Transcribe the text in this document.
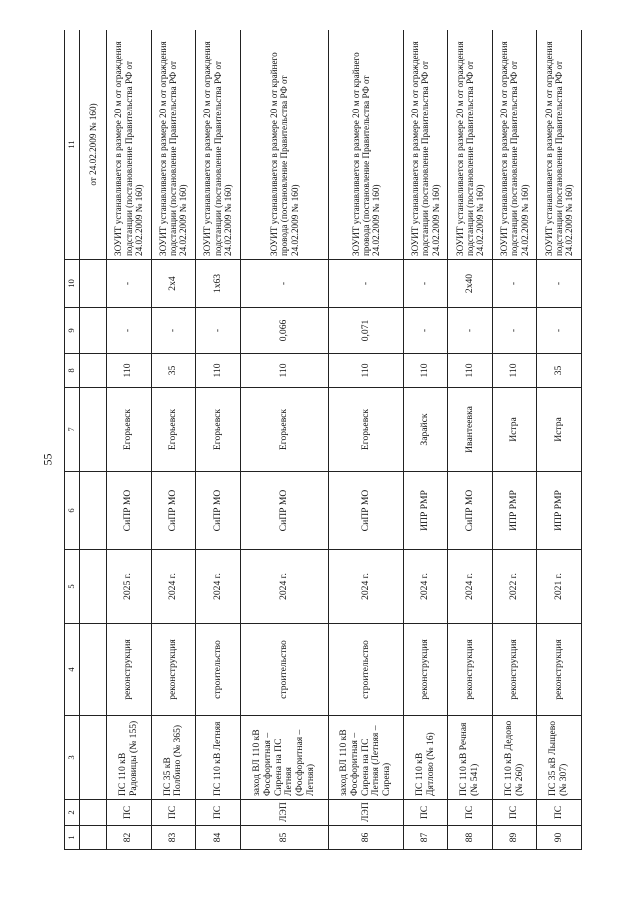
55
1	2	3	4	5	6	7	8	9	10	11
										от 24.02.2009 № 160)
82	ПС	ПС 110 кВ Радовицы (№ 155)	реконструкция	2025 г.	СиПР МО	Егорьевск	110	-	-	ЗОУИТ устанавливается в размере 20 м от ограждения подстанции (постановление Правительства РФ от 24.02.2009 № 160)
83	ПС	ПС 35 кВ Полбино (№ 365)	реконструкция	2024 г.	СиПР МО	Егорьевск	35	-	2х4	ЗОУИТ устанавливается в размере 20 м от ограждения подстанции (постановление Правительства РФ от 24.02.2009 № 160)
84	ПС	ПС 110 кВ Летняя	строительство	2024 г.	СиПР МО	Егорьевск	110	-	1х63	ЗОУИТ устанавливается в размере 20 м от ограждения подстанции (постановление Правительства РФ от 24.02.2009 № 160)
85	ЛЭП	заход ВЛ 110 кВ Фосфоритная – Сирена на ПС Летняя (Фосфоритная – Летняя)	строительство	2024 г.	СиПР МО	Егорьевск	110	0,066	-	ЗОУИТ устанавливается в размере 20 м от крайнего провода (постановление Правительства РФ от 24.02.2009 № 160)
86	ЛЭП	заход ВЛ 110 кВ Фосфоритная – Сирена на ПС Летняя (Летняя – Сирена)	строительство	2024 г.	СиПР МО	Егорьевск	110	0,071	-	ЗОУИТ устанавливается в размере 20 м от крайнего провода (постановление Правительства РФ от 24.02.2009 № 160)
87	ПС	ПС 110 кВ Дятлово (№ 16)	реконструкция	2024 г.	ИПР РМР	Зарайск	110	-	-	ЗОУИТ устанавливается в размере 20 м от ограждения подстанции (постановление Правительства РФ от 24.02.2009 № 160)
88	ПС	ПС 110 кВ Речная (№ 541)	реконструкция	2024 г.	СиПР МО	Ивантеевка	110	-	2х40	ЗОУИТ устанавливается в размере 20 м от ограждения подстанции (постановление Правительства РФ от 24.02.2009 № 160)
89	ПС	ПС 110 кВ Дедово (№ 260)	реконструкция	2022 г.	ИПР РМР	Истра	110	-	-	ЗОУИТ устанавливается в размере 20 м от ограждения подстанции (постановление Правительства РФ от 24.02.2009 № 160)
90	ПС	ПС 35 кВ Лыщево (№ 307)	реконструкция	2021 г.	ИПР РМР	Истра	35	-	-	ЗОУИТ устанавливается в размере 20 м от ограждения подстанции (постановление Правительства РФ от 24.02.2009 № 160)
